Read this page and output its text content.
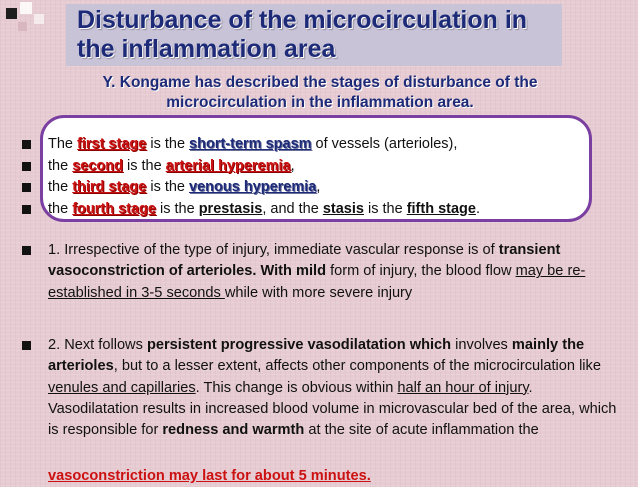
Disturbance of the microcirculation in
the inflammation area
Y. Kongame has described the stages of disturbance of the
microcirculation in the inflammation area.
The first stage is the short-term spasm of vessels (arterioles),
the second is the arterial hyperemia,
the third stage is the venous hyperemia,
the fourth stage is the prestasis, and the stasis is the fifth stage.
1. Irrespective of the type of injury, immediate vascular response is of transient vasoconstriction of arterioles. With mild form of injury, the blood flow may be re-established in 3-5 seconds while with more severe injury
2. Next follows persistent progressive vasodilatation which involves mainly the arterioles, but to a lesser extent, affects other components of the microcirculation like venules and capillaries. This change is obvious within half an hour of injury. Vasodilatation results in increased blood volume in microvascular bed of the area, which is responsible for redness and warmth at the site of acute inflammation the
vasoconstriction may last for about 5 minutes.
